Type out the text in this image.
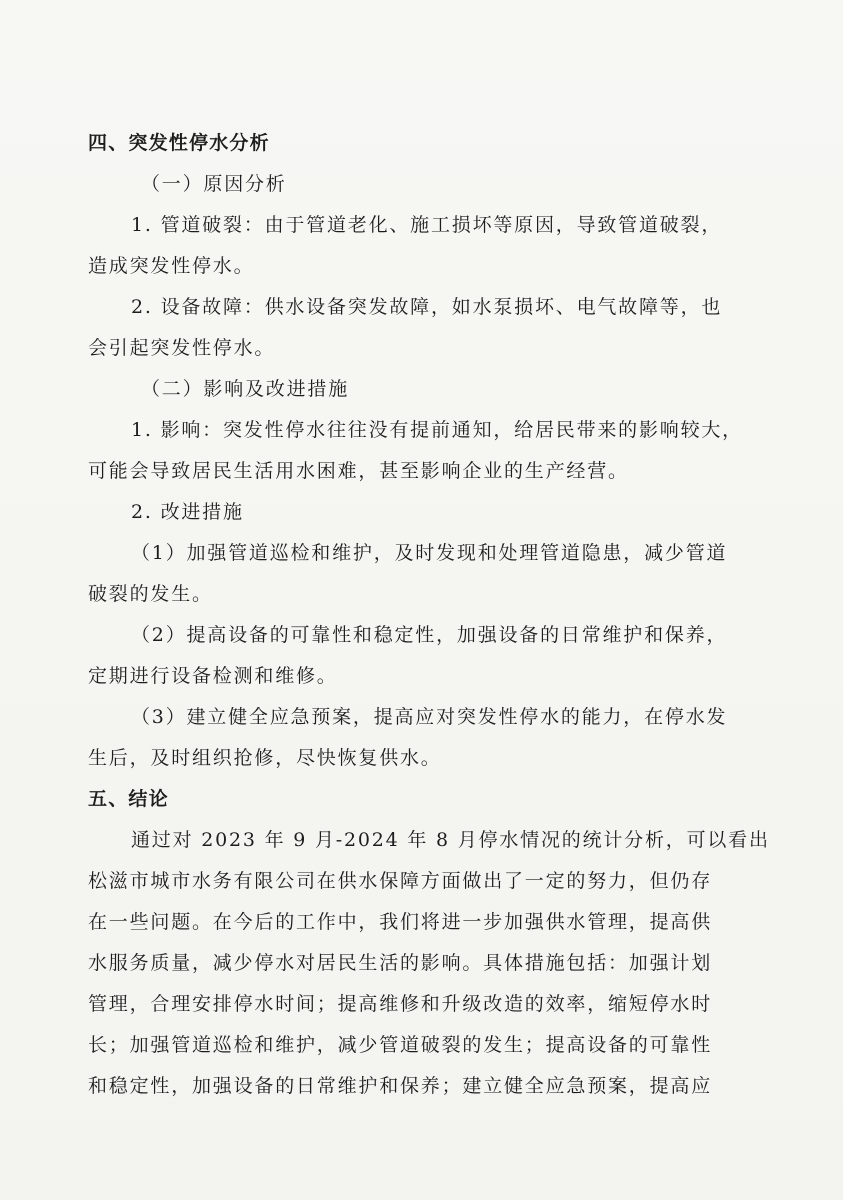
四、突发性停水分析

（一）原因分析

1. 管道破裂：由于管道老化、施工损坏等原因，导致管道破裂，

造成突发性停水。

2. 设备故障：供水设备突发故障，如水泵损坏、电气故障等，也

会引起突发性停水。

（二）影响及改进措施

1. 影响：突发性停水往往没有提前通知，给居民带来的影响较大，

可能会导致居民生活用水困难，甚至影响企业的生产经营。

2. 改进措施

（1）加强管道巡检和维护，及时发现和处理管道隐患，减少管道

破裂的发生。

（2）提高设备的可靠性和稳定性，加强设备的日常维护和保养，

定期进行设备检测和维修。

（3）建立健全应急预案，提高应对突发性停水的能力，在停水发

生后，及时组织抢修，尽快恢复供水。

五、结论

通过对 2023 年 9 月-2024 年 8 月停水情况的统计分析，可以看出

松滋市城市水务有限公司在供水保障方面做出了一定的努力，但仍存

在一些问题。在今后的工作中，我们将进一步加强供水管理，提高供

水服务质量，减少停水对居民生活的影响。具体措施包括：加强计划

管理，合理安排停水时间；提高维修和升级改造的效率，缩短停水时

长；加强管道巡检和维护，减少管道破裂的发生；提高设备的可靠性

和稳定性，加强设备的日常维护和保养；建立健全应急预案，提高应
